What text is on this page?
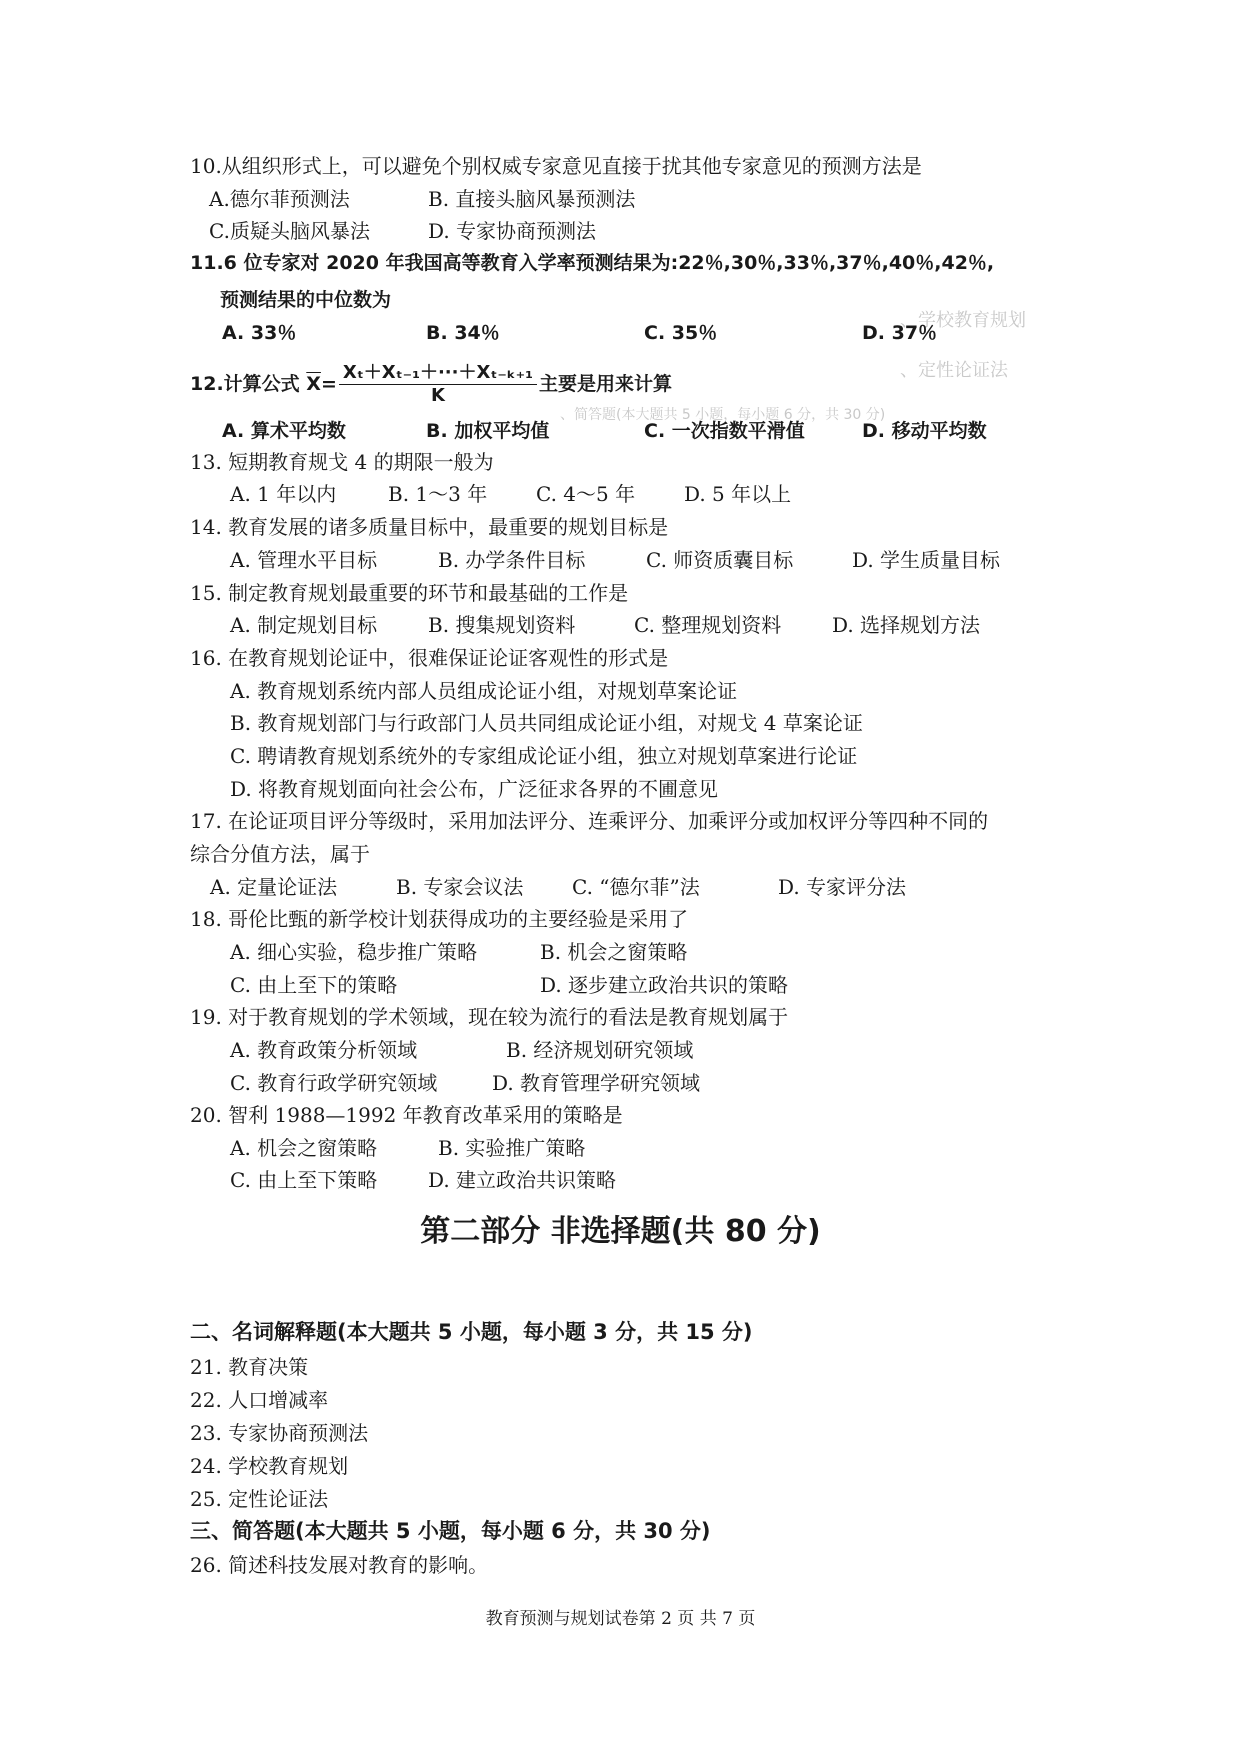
、学校教育规划
、定性论证法
、简答题(本大题共 5 小题，每小题 6 分，共 30 分)
10.从组织形式上，可以避免个别权威专家意见直接于扰其他专家意见的预测方法是
A.德尔菲预测法	B. 直接头脑风暴预测法
C.质疑头脑风暴法	D. 专家协商预测法
11.6 位专家对 2020 年我国高等教育入学率预测结果为:22％,30％,33％,37％,40％,42％,
预测结果的中位数为
A. 33％	B. 34％	C. 35％	D. 37％
12.计算公式 $\overline{X}= \frac{\text{Xₜ＋Xₜ₋₁＋···＋Xₜ₋ₖ₊₁}}{K}$ 主要是用来计算
A. 算术平均数	B. 加权平均值	C. 一次指数平滑值	D. 移动平均数
13. 短期教育规戈 4 的期限一般为
A. 1 年以内	B. 1～3 年 C. 4～5 年 D. 5 年以上
14. 教育发展的诸多质量目标中，最重要的规划目标是
A. 管理水平目标	B. 办学条件目标	C. 师资质囊目标	D. 学生质量目标
15. 制定教育规划最重要的环节和最基础的工作是
A. 制定规划目标	B. 搜集规划资料	C. 整理规划资料	D. 选择规划方法
16. 在教育规划论证中，很难保证论证客观性的形式是
A. 教育规划系统内部人员组成论证小组，对规划草案论证
B. 教育规划部门与行政部门人员共同组成论证小组，对规戈 4 草案论证
C. 聘请教育规划系统外的专家组成论证小组，独立对规划草案进行论证
D. 将教育规划面向社会公布，广泛征求各界的不圃意见
17. 在论证项目评分等级时，采用加法评分、连乘评分、加乘评分或加权评分等四种不同的
综合分值方法，属于
A. 定量论证法	B. 专家会议法 C. “德尔菲”法	D. 专家评分法
18. 哥伦比甄的新学校计划获得成功的主要经验是采用了
A. 细心实验，稳步推广策略	B. 机会之窗策略
C. 由上至下的策略	D. 逐步建立政治共识的策略
19. 对于教育规划的学术领域，现在较为流行的看法是教育规划属于
A. 教育政策分析领域	B. 经济规划研究领域
C. 教育行政学研究领域	D. 教育管理学研究领域
20. 智利 1988—1992 年教育改革采用的策略是
A. 机会之窗策略	B. 实验推广策略
C. 由上至下策略	D. 建立政治共识策略
第二部分 非选择题(共 80 分)
二、名词解释题(本大题共 5 小题，每小题 3 分，共 15 分)
21. 教育决策
22. 人口增减率
23. 专家协商预测法
24. 学校教育规划
25. 定性论证法
三、简答题(本大题共 5 小题，每小题 6 分，共 30 分)
26. 简述科技发展对教育的影响。
教育预测与规划试卷第 2 页 共 7 页
